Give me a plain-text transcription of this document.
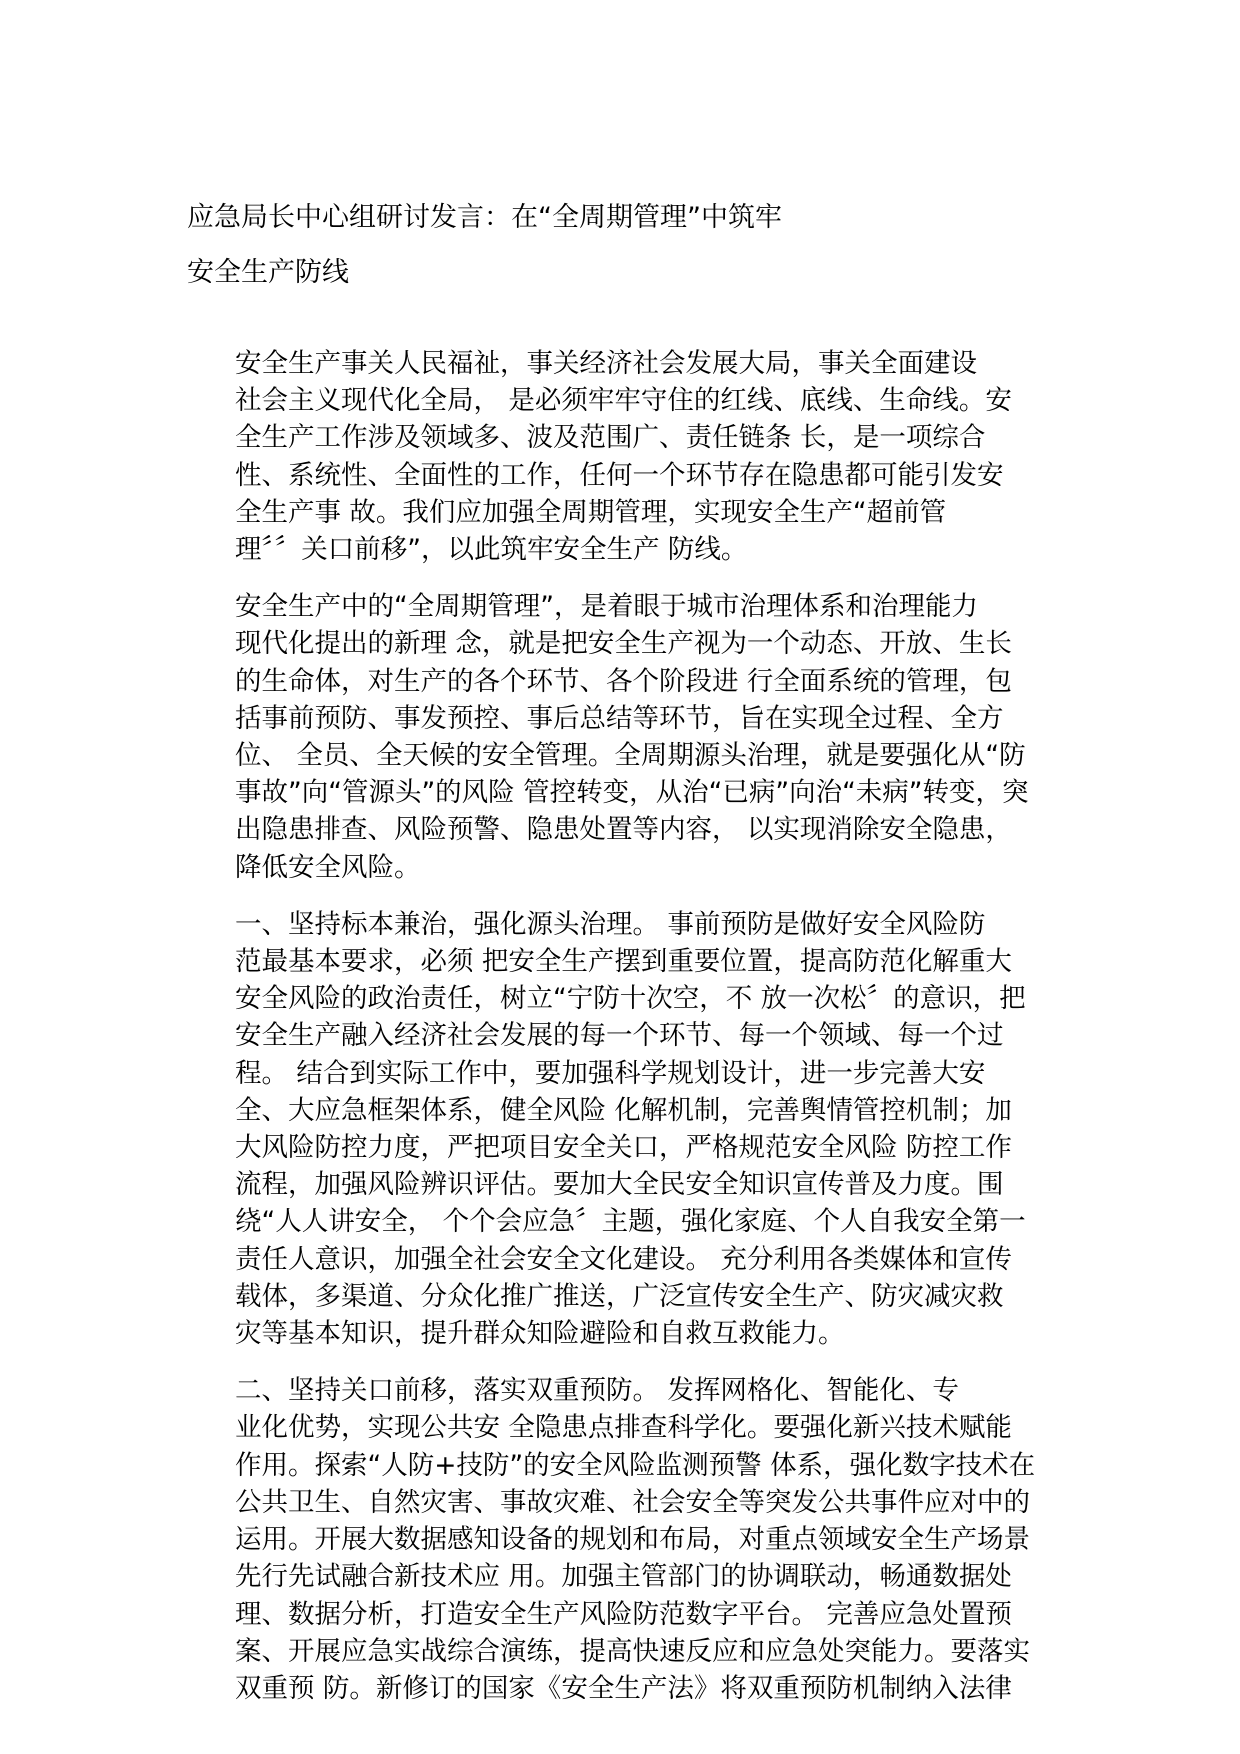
应急局长中心组研讨发言：在“全周期管理”中筑牢
安全生产防线

安全生产事关人民福祉，事关经济社会发展大局，事关全面建设
社会主义现代化全局， 是必须牢牢守住的红线、底线、生命线。安
全生产工作涉及领域多、波及范围广、责任链条 长，是一项综合
性、系统性、全面性的工作，任何一个环节存在隐患都可能引发安
全生产事 故。我们应加强全周期管理，实现安全生产“超前管
理〞〞关口前移”，以此筑牢安全生产 防线。

安全生产中的“全周期管理”，是着眼于城市治理体系和治理能力
现代化提出的新理 念，就是把安全生产视为一个动态、开放、生长
的生命体，对生产的各个环节、各个阶段进 行全面系统的管理，包
括事前预防、事发预控、事后总结等环节，旨在实现全过程、全方
位、 全员、全天候的安全管理。全周期源头治理，就是要强化从“防
事故”向“管源头”的风险 管控转变，从治“已病”向治“未病”转变，突
出隐患排查、风险预警、隐患处置等内容， 以实现消除安全隐患，
降低安全风险。

一、坚持标本兼治，强化源头治理。 事前预防是做好安全风险防
范最基本要求，必须 把安全生产摆到重要位置，提高防范化解重大
安全风险的政治责任，树立“宁防十次空，不 放一次松〞的意识，把
安全生产融入经济社会发展的每一个环节、每一个领域、每一个过
程。 结合到实际工作中，要加强科学规划设计，进一步完善大安
全、大应急框架体系，健全风险 化解机制，完善舆情管控机制；加
大风险防控力度，严把项目安全关口，严格规范安全风险 防控工作
流程，加强风险辨识评估。要加大全民安全知识宣传普及力度。围
绕“人人讲安全， 个个会应急〞主题，强化家庭、个人自我安全第一
责任人意识，加强全社会安全文化建设。 充分利用各类媒体和宣传
载体，多渠道、分众化推广推送，广泛宣传安全生产、防灾减灾救
灾等基本知识，提升群众知险避险和自救互救能力。

二、坚持关口前移，落实双重预防。 发挥网格化、智能化、专
业化优势，实现公共安 全隐患点排查科学化。要强化新兴技术赋能
作用。探索“人防+技防”的安全风险监测预警 体系，强化数字技术在
公共卫生、自然灾害、事故灾难、社会安全等突发公共事件应对中的
运用。开展大数据感知设备的规划和布局，对重点领域安全生产场景
先行先试融合新技术应 用。加强主管部门的协调联动，畅通数据处
理、数据分析，打造安全生产风险防范数字平台。 完善应急处置预
案、开展应急实战综合演练，提高快速反应和应急处突能力。要落实
双重预 防。新修订的国家《安全生产法》将双重预防机制纳入法律
